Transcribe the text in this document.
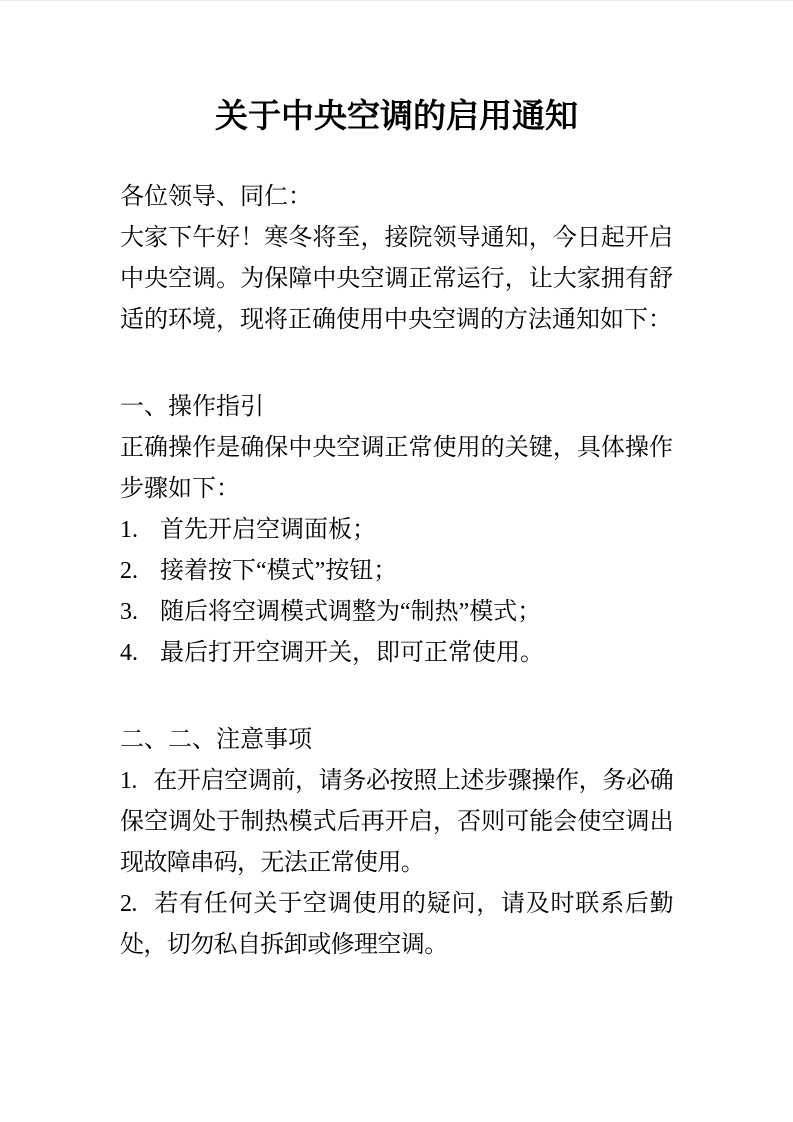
关于中央空调的启用通知

各位领导、同仁：

大家下午好！寒冬将至，接院领导通知，今日起开启中央空调。为保障中央空调正常运行，让大家拥有舒适的环境，现将正确使用中央空调的方法通知如下：

一、操作指引

正确操作是确保中央空调正常使用的关键，具体操作步骤如下：

1. 首先开启空调面板；

2. 接着按下“模式”按钮；

3. 随后将空调模式调整为“制热”模式；

4. 最后打开空调开关，即可正常使用。

二、二、注意事项

1. 在开启空调前，请务必按照上述步骤操作，务必确保空调处于制热模式后再开启，否则可能会使空调出现故障串码，无法正常使用。

2. 若有任何关于空调使用的疑问，请及时联系后勤处，切勿私自拆卸或修理空调。
